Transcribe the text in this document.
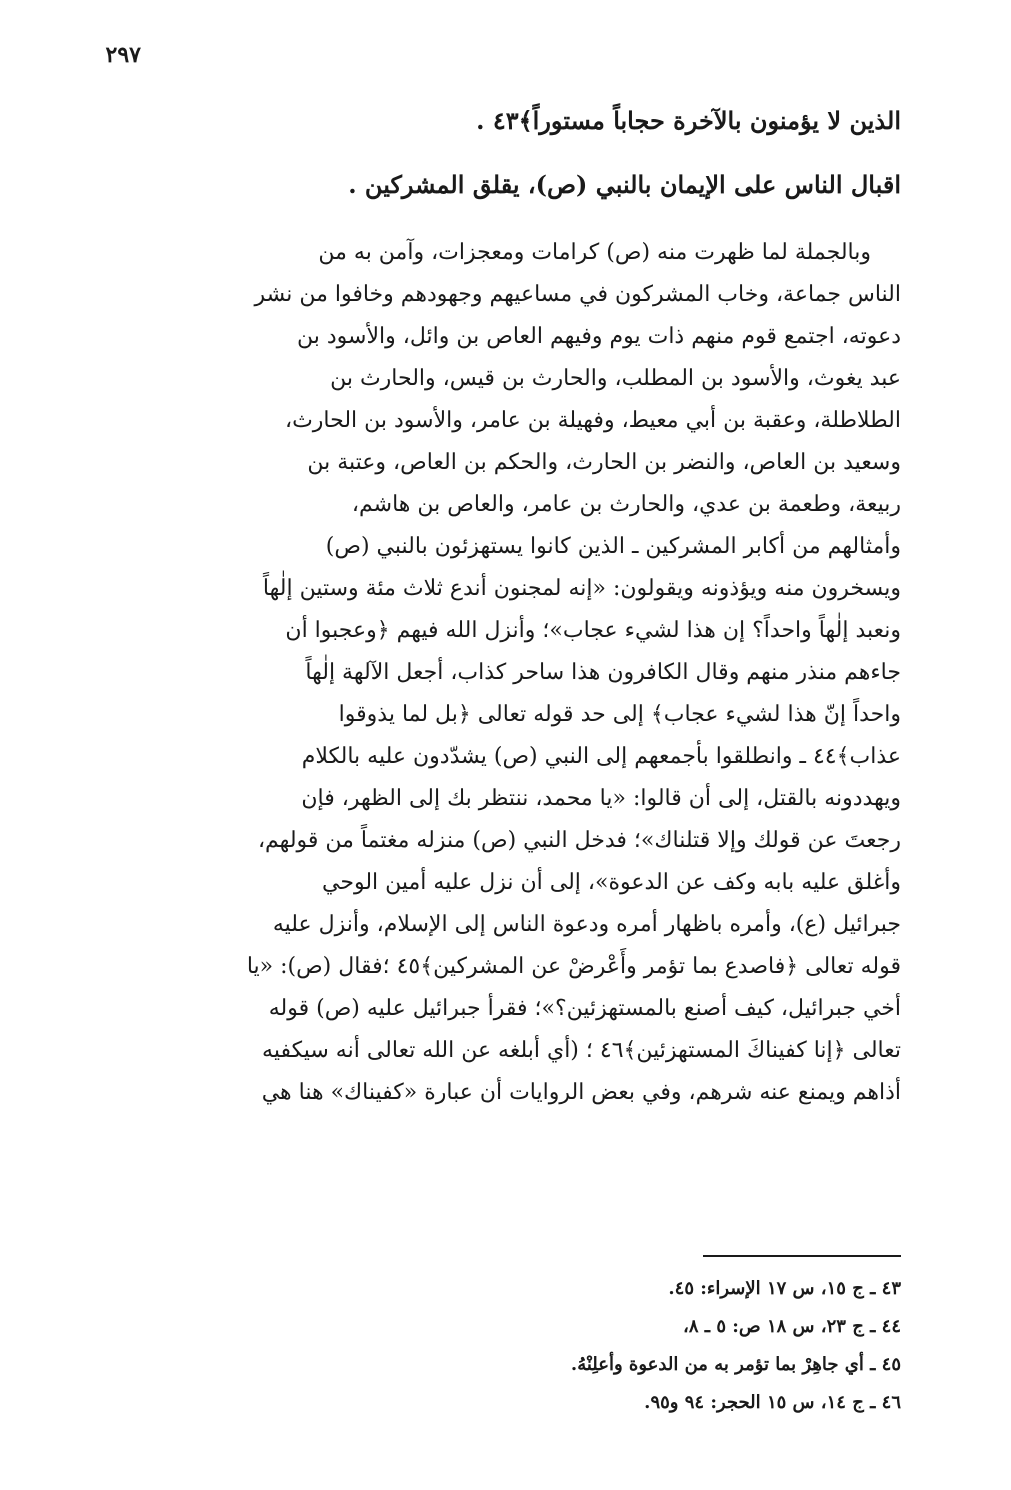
٢٩٧
الذين لا يؤمنون بالآخرة حجاباً مستوراً﴾٤٣ .
اقبال الناس على الإيمان بالنبي (ص)، يقلق المشركين .
وبالجملة لما ظهرت منه (ص) كرامات ومعجزات، وآمن به من
الناس جماعة، وخاب المشركون في مساعيهم وجهودهم وخافوا من نشر
دعوته، اجتمع قوم منهم ذات يوم وفيهم العاص بن وائل، والأسود بن
عبد يغوث، والأسود بن المطلب، والحارث بن قيس، والحارث بن
الطلاطلة، وعقبة بن أبي معيط، وفهيلة بن عامر، والأسود بن الحارث،
وسعيد بن العاص، والنضر بن الحارث، والحكم بن العاص، وعتبة بن
ربيعة، وطعمة بن عدي، والحارث بن عامر، والعاص بن هاشم،
وأمثالهم من أكابر المشركين ـ الذين كانوا يستهزئون بالنبي (ص)
ويسخرون منه ويؤذونه ويقولون: «إنه لمجنون أندع ثلاث مئة وستين إلٰهاً
ونعبد إلٰهاً واحداً؟ إن هذا لشيء عجاب»؛ وأنزل الله فيهم ﴿وعجبوا أن
جاءهم منذر منهم وقال الكافرون هذا ساحر كذاب، أجعل الآلهة إلٰهاً
واحداً إنّ هذا لشيء عجاب﴾ إلى حد قوله تعالى ﴿بل لما يذوقوا
عذاب﴾٤٤ ـ وانطلقوا بأجمعهم إلى النبي (ص) يشدّدون عليه بالكلام
ويهددونه بالقتل، إلى أن قالوا: «يا محمد، ننتظر بك إلى الظهر، فإن
رجعتَ عن قولك وإلا قتلناك»؛ فدخل النبي (ص) منزله مغتماً من قولهم،
وأغلق عليه بابه وكف عن الدعوة»، إلى أن نزل عليه أمين الوحي
جبرائيل (ع)، وأمره باظهار أمره ودعوة الناس إلى الإسلام، وأنزل عليه
قوله تعالى ﴿فاصدع بما تؤمر وأَعْرضْ عن المشركين﴾٤٥ ؛فقال (ص): «يا
أخي جبرائيل، كيف أصنع بالمستهزئين؟»؛ فقرأ جبرائيل عليه (ص) قوله
تعالى ﴿إنا كفيناكَ المستهزئين﴾٤٦ ؛ (أي أبلغه عن الله تعالى أنه سيكفيه
أذاهم ويمنع عنه شرهم، وفي بعض الروايات أن عبارة «كفيناك» هنا هي
٤٣ ـ ج ١٥، س ١٧ الإسراء: ٤٥.
٤٤ ـ ج ٢٣، س ١٨ ص: ٥ ـ ٨،
٤٥ ـ أي جاهِرْ بما تؤمر به من الدعوة وأعلِنْهُ.
٤٦ ـ ج ١٤، س ١٥ الحجر: ٩٤ و٩٥.
